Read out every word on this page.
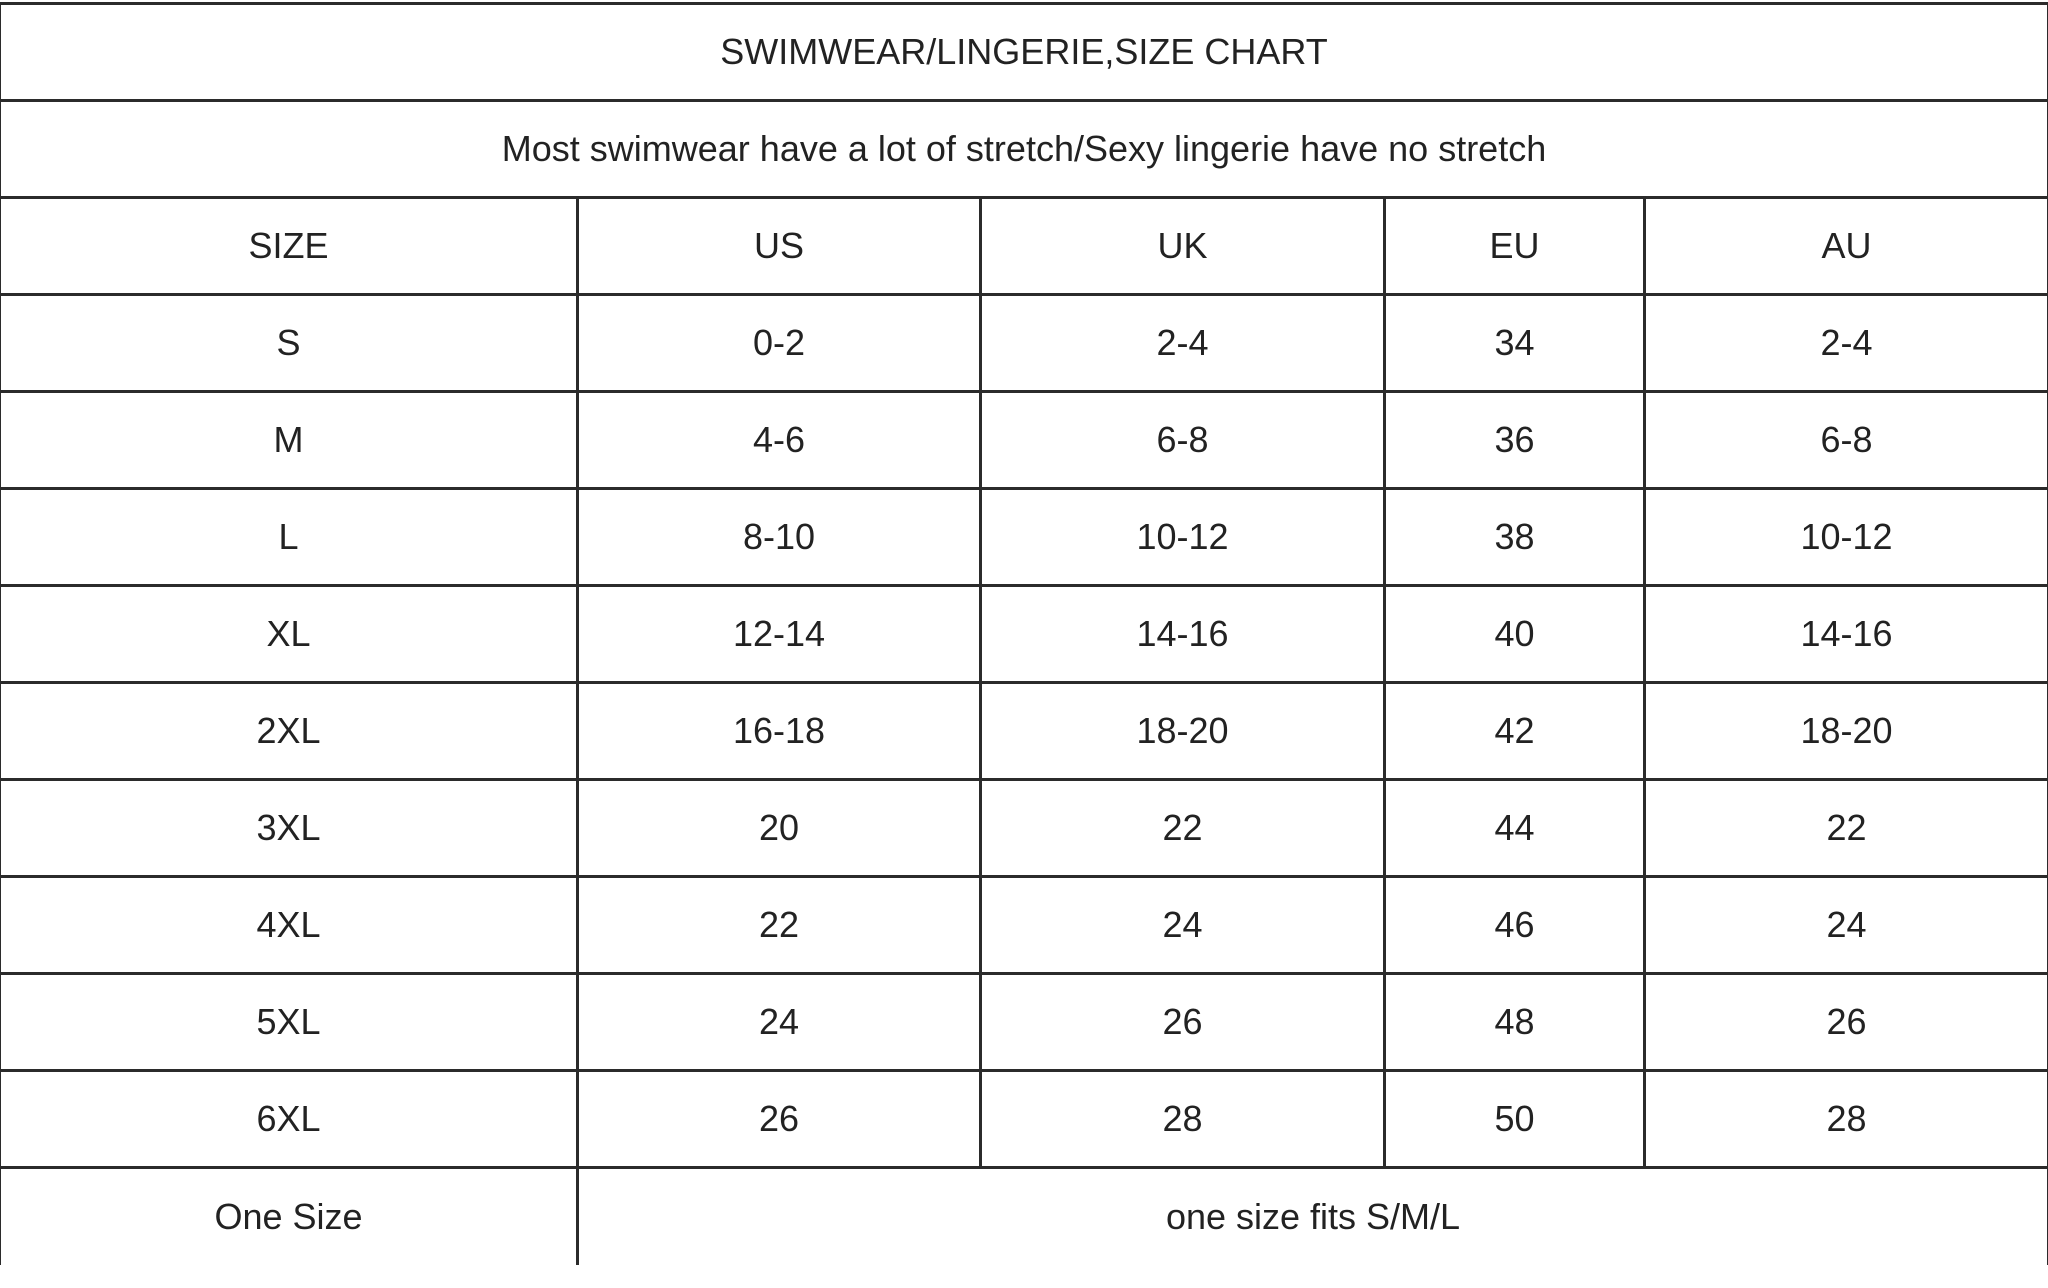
SWIMWEAR/LINGERIE,SIZE CHART				
Most swimwear have a lot of stretch/Sexy lingerie have no stretch				
SIZE	US	UK	EU	AU
S	0-2	2-4	34	2-4
M	4-6	6-8	36	6-8
L	8-10	10-12	38	10-12
XL	12-14	14-16	40	14-16
2XL	16-18	18-20	42	18-20
3XL	20	22	44	22
4XL	22	24	46	24
5XL	24	26	48	26
6XL	26	28	50	28
One Size	one size fits S/M/L			
